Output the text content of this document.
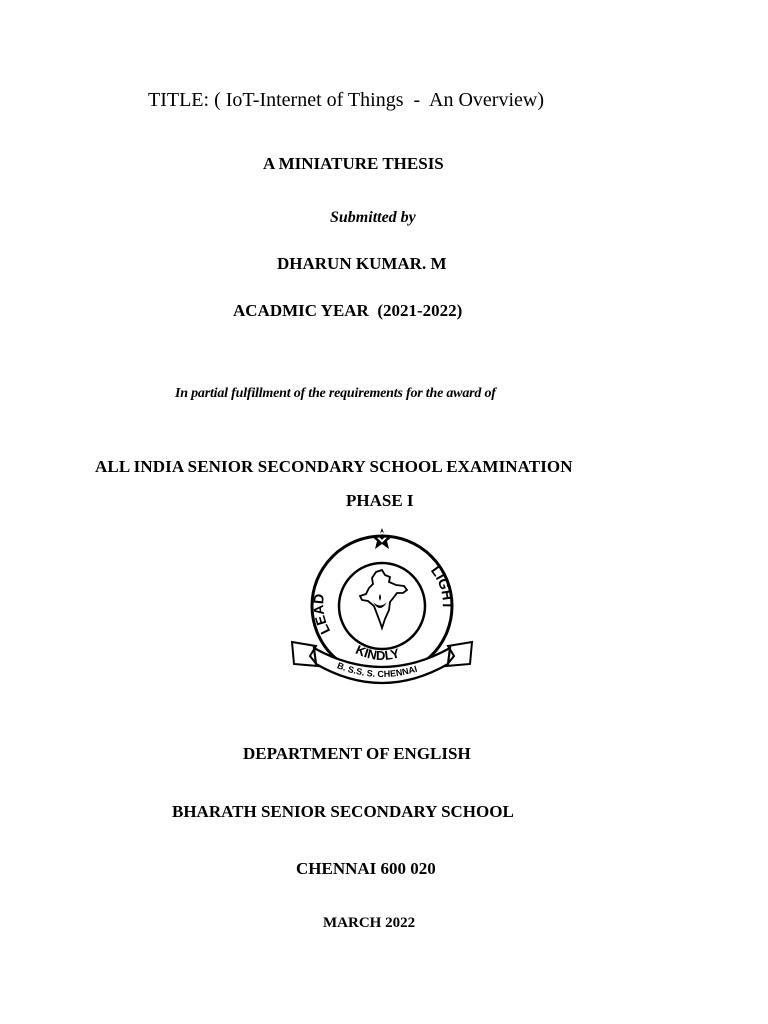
TITLE: ( IoT-Internet of Things  -  An Overview)
A MINIATURE THESIS
Submitted by
DHARUN KUMAR. M
ACADMIC YEAR  (2021-2022)
In partial fulfillment of the requirements for the award of
ALL INDIA SENIOR SECONDARY SCHOOL EXAMINATION
PHASE I
LEAD
LIGHT
KINDLY
B. S.S. S. CHENNAI
DEPARTMENT OF ENGLISH
BHARATH SENIOR SECONDARY SCHOOL
CHENNAI 600 020
MARCH 2022
